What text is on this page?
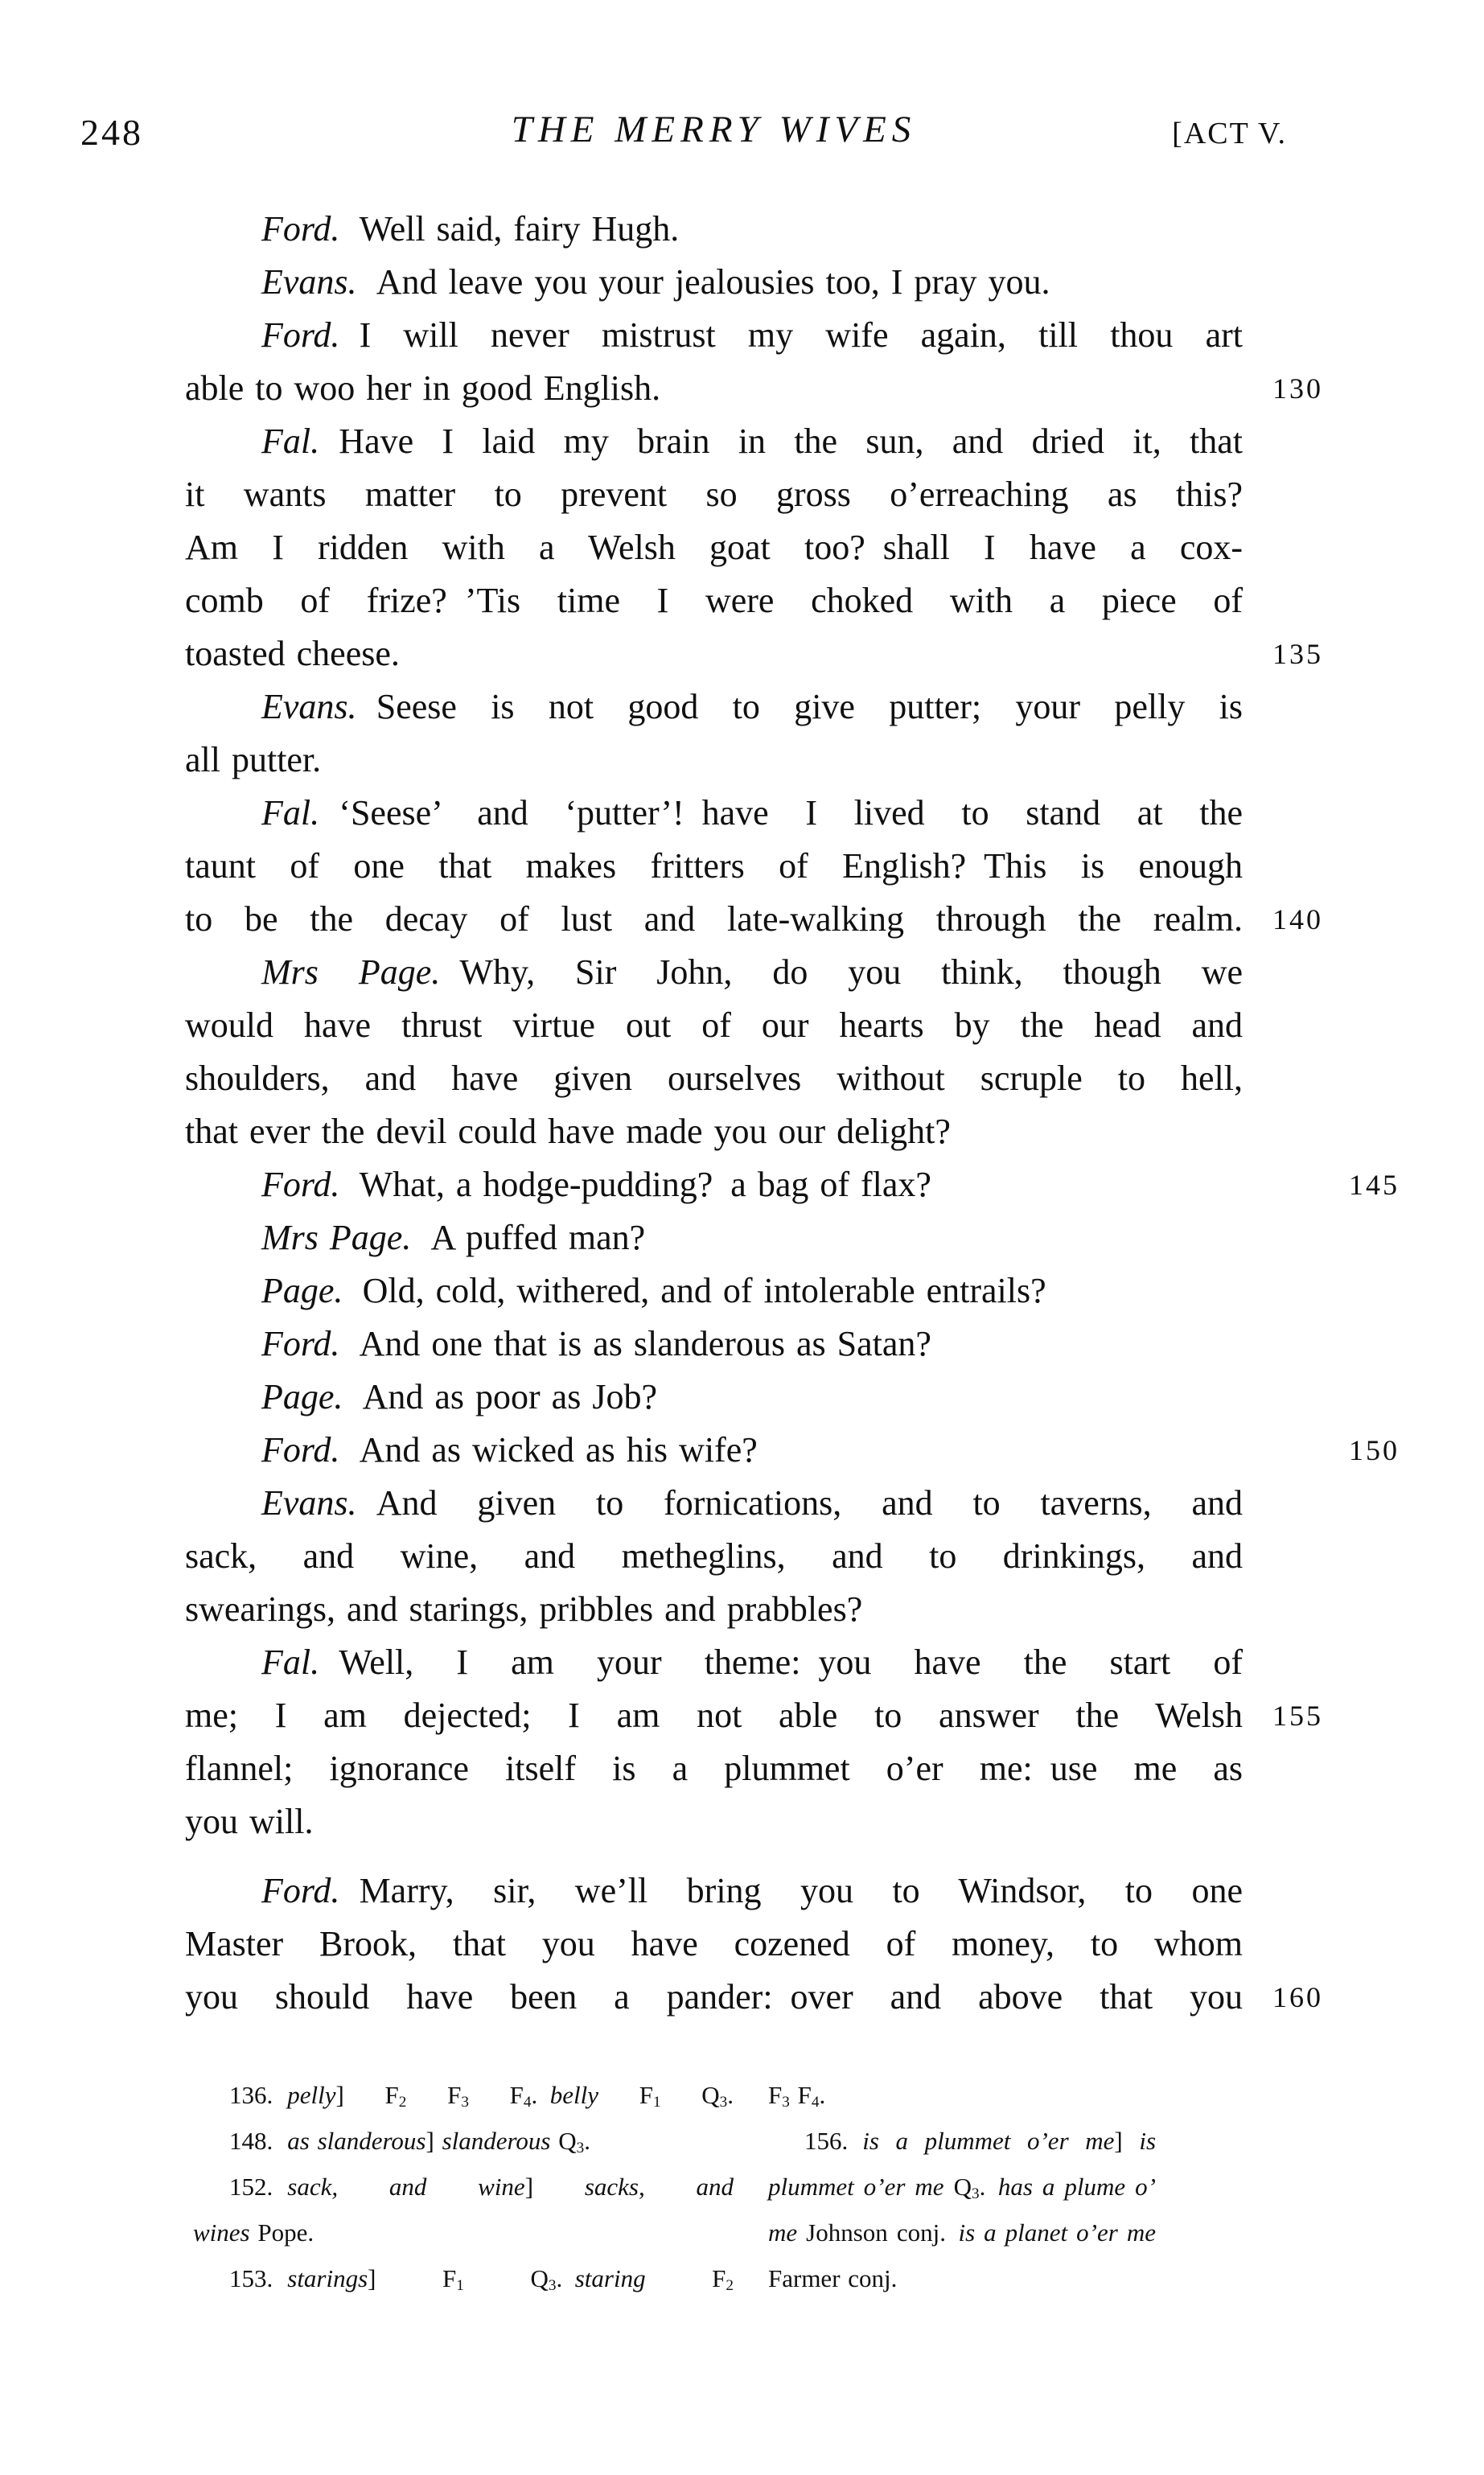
248	THE MERRY WIVES	[ACT V.
Ford. Well said, fairy Hugh.
Evans. And leave you your jealousies too, I pray you.
Ford. I will never mistrust my wife again, till thou art
able to woo her in good English.	130
Fal. Have I laid my brain in the sun, and dried it, that
it wants matter to prevent so gross o’erreaching as this?
Am I ridden with a Welsh goat too? shall I have a cox-
comb of frize? ’Tis time I were choked with a piece of
toasted cheese.	135
Evans. Seese is not good to give putter; your pelly is
all putter.
Fal. ‘Seese’ and ‘putter’! have I lived to stand at the
taunt of one that makes fritters of English? This is enough
to be the decay of lust and late-walking through the realm. 140
Mrs Page. Why, Sir John, do you think, though we
would have thrust virtue out of our hearts by the head and
shoulders, and have given ourselves without scruple to hell,
that ever the devil could have made you our delight?
Ford. What, a hodge-pudding? a bag of flax?	145
Mrs Page. A puffed man?
Page. Old, cold, withered, and of intolerable entrails?
Ford. And one that is as slanderous as Satan?
Page. And as poor as Job?
Ford. And as wicked as his wife?	150
Evans. And given to fornications, and to taverns, and
sack, and wine, and metheglins, and to drinkings, and
swearings, and starings, pribbles and prabbles?
Fal. Well, I am your theme: you have the start of
me; I am dejected; I am not able to answer the Welsh 155
flannel; ignorance itself is a plummet o’er me: use me as
you will.
Ford. Marry, sir, we’ll bring you to Windsor, to one
Master Brook, that you have cozened of money, to whom
you should have been a pander: over and above that you 160
136. pelly] $F_2$ $F_3$ $F_4$. belly $F_1$ $Q_3$.
148. as slanderous] slanderous $Q_3$.
152. sack, and wine] sacks, and
wines Pope.
153. starings] $F_1$ $Q_3$. staring $F_2$
$F_3$ $F_4$.
156. is a plummet o’er me] is
plummet o’er me $Q_3$. has a plume o’
me Johnson conj. is a planet o’er me
Farmer conj.
